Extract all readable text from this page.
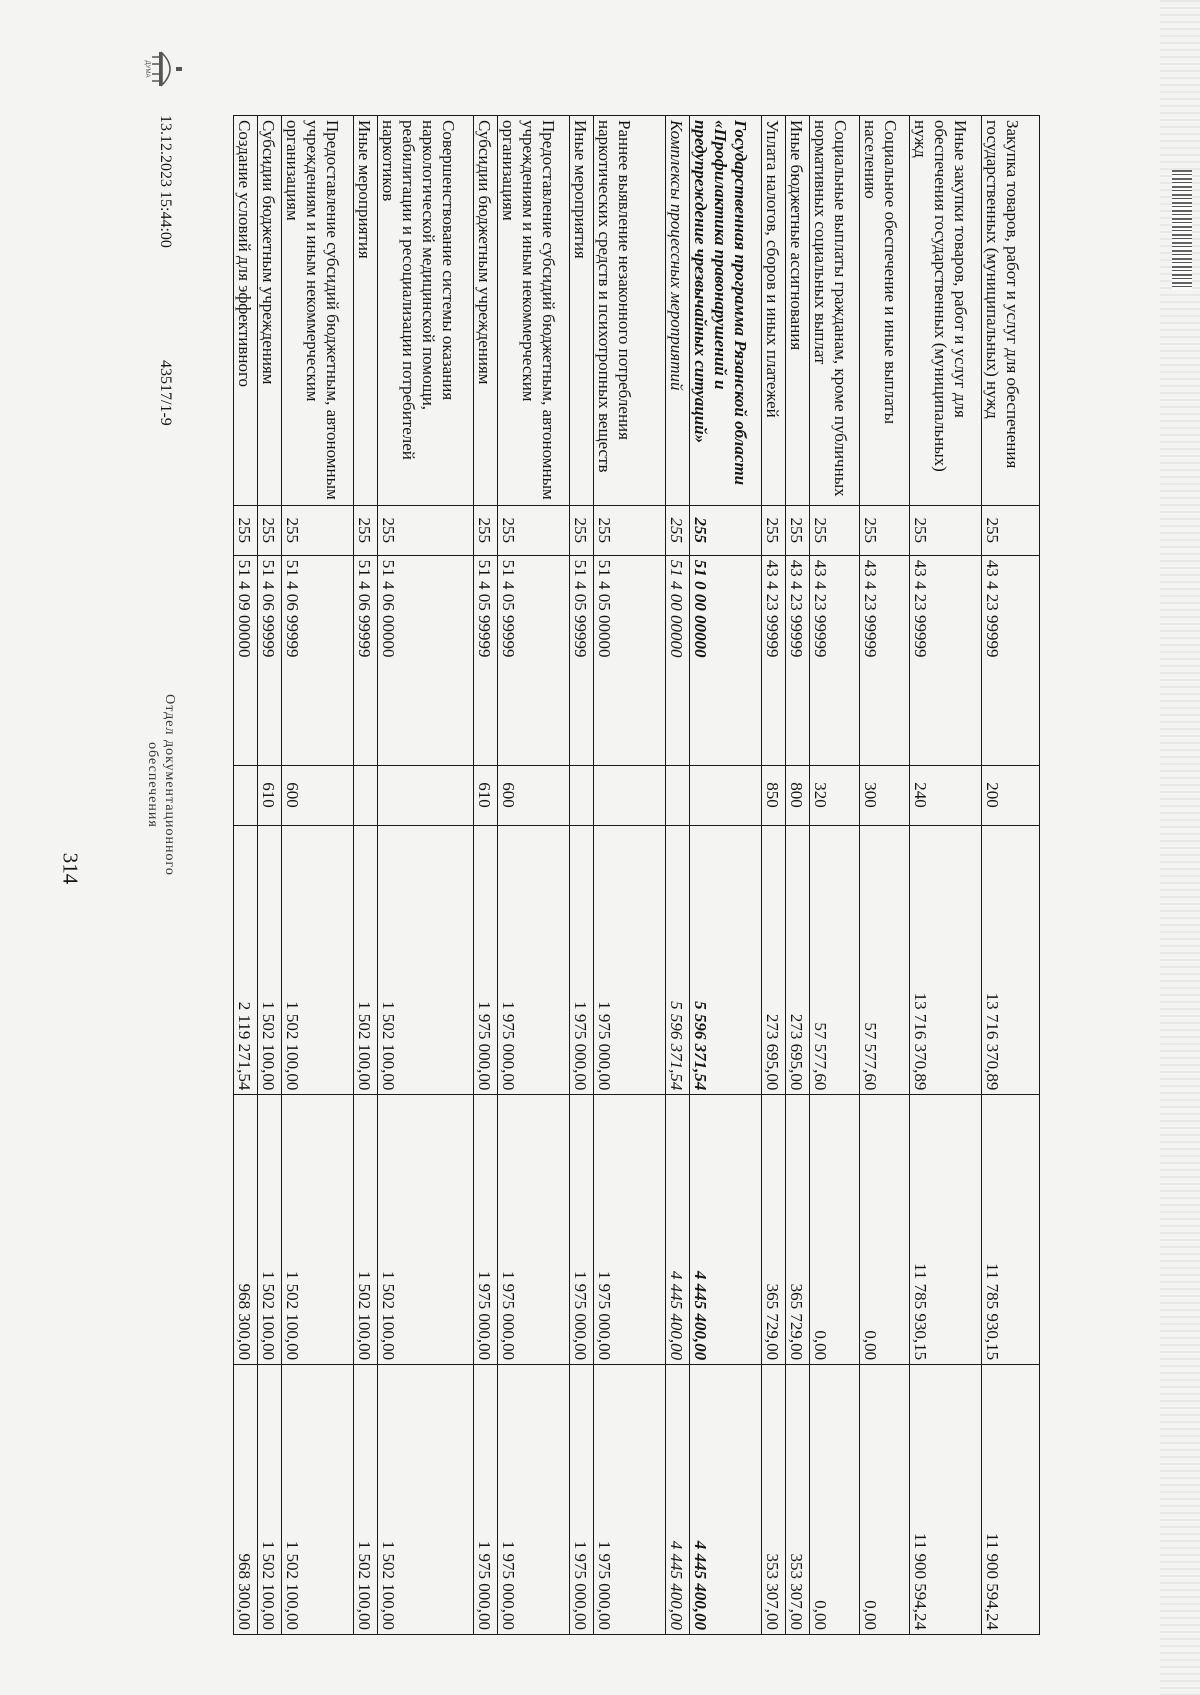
314
Закупка товаров, работ и услуг для обеспечения государственных (муниципальных) нужд	255	43 4 23 99999	200	13 716 370,89	11 785 930,15	11 900 594,24
Иные закупки товаров, работ и услуг для обеспечения государственных (муниципальных) нужд	255	43 4 23 99999	240	13 716 370,89	11 785 930,15	11 900 594,24
Социальное обеспечение и иные выплаты населению	255	43 4 23 99999	300	57 577,60	0,00	0,00
Социальные выплаты гражданам, кроме публичных нормативных социальных выплат	255	43 4 23 99999	320	57 577,60	0,00	0,00
Иные бюджетные ассигнования	255	43 4 23 99999	800	273 695,00	365 729,00	353 307,00
Уплата налогов, сборов и иных платежей	255	43 4 23 99999	850	273 695,00	365 729,00	353 307,00
Государственная программа Рязанской области «Профилактика правонарушений и предупреждение чрезвычайных ситуаций»	255	51 0 00 00000		5 596 371,54	4 445 400,00	4 445 400,00
Комплексы процессных мероприятий	255	51 4 00 00000		5 596 371,54	4 445 400,00	4 445 400,00
Раннее выявление незаконного потребления наркотических средств и психотропных веществ	255	51 4 05 00000		1 975 000,00	1 975 000,00	1 975 000,00
Иные мероприятия	255	51 4 05 99999		1 975 000,00	1 975 000,00	1 975 000,00
Предоставление субсидий бюджетным, автономным учреждениям и иным некоммерческим организациям	255	51 4 05 99999	600	1 975 000,00	1 975 000,00	1 975 000,00
Субсидии бюджетным учреждениям	255	51 4 05 99999	610	1 975 000,00	1 975 000,00	1 975 000,00
Совершенствование системы оказания наркологической медицинской помощи, реабилитации и ресоциализации потребителей наркотиков	255	51 4 06 00000		1 502 100,00	1 502 100,00	1 502 100,00
Иные мероприятия	255	51 4 06 99999		1 502 100,00	1 502 100,00	1 502 100,00
Предоставление субсидий бюджетным, автономным учреждениям и иным некоммерческим организациям	255	51 4 06 99999	600	1 502 100,00	1 502 100,00	1 502 100,00
Субсидии бюджетным учреждениям	255	51 4 06 99999	610	1 502 100,00	1 502 100,00	1 502 100,00
Создание условий для эффективного	255	51 4 09 00000		2 119 271,54	968 300,00	968 300,00
ДУМА
13.12.2023 15:44:00
43517/1-9
Отдел документационного
обеспечения
